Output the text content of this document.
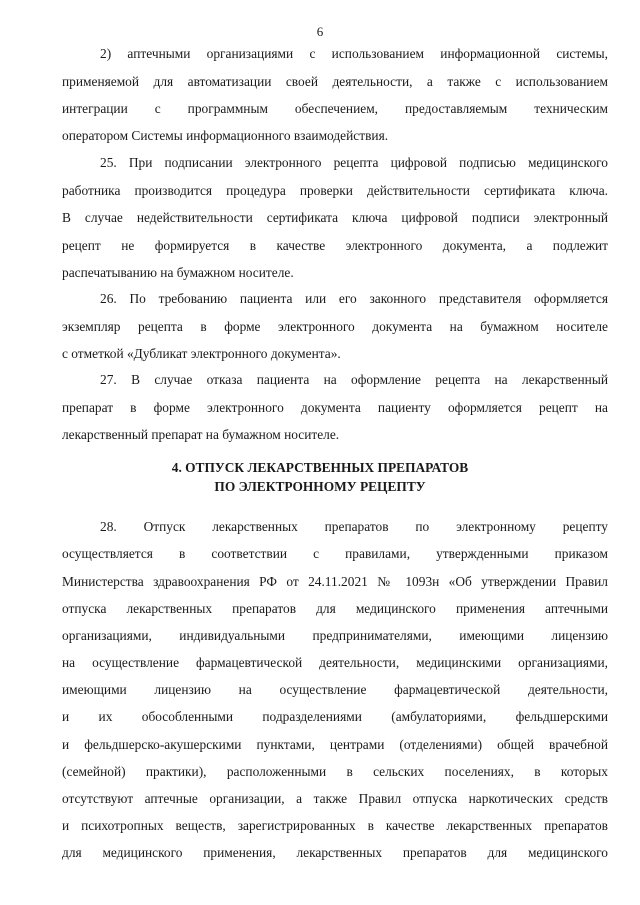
6
2) аптечными организациями с использованием информационной системы,
применяемой для автоматизации своей деятельности, а также с использованием
интеграции с программным обеспечением, предоставляемым техническим
оператором Системы информационного взаимодействия.
25. При подписании электронного рецепта цифровой подписью медицинского
работника производится процедура проверки действительности сертификата ключа.
В случае недействительности сертификата ключа цифровой подписи электронный
рецепт не формируется в качестве электронного документа, а подлежит
распечатыванию на бумажном носителе.
26. По требованию пациента или его законного представителя оформляется
экземпляр рецепта в форме электронного документа на бумажном носителе
с отметкой «Дубликат электронного документа».
27. В случае отказа пациента на оформление рецепта на лекарственный
препарат в форме электронного документа пациенту оформляется рецепт на
лекарственный препарат на бумажном носителе.
4. ОТПУСК ЛЕКАРСТВЕННЫХ ПРЕПАРАТОВ
ПО ЭЛЕКТРОННОМУ РЕЦЕПТУ
28. Отпуск лекарственных препаратов по электронному рецепту
осуществляется в соответствии с правилами, утвержденными приказом
Министерства здравоохранения РФ от 24.11.2021 № 1093н «Об утверждении Правил
отпуска лекарственных препаратов для медицинского применения аптечными
организациями, индивидуальными предпринимателями, имеющими лицензию
на осуществление фармацевтической деятельности, медицинскими организациями,
имеющими лицензию на осуществление фармацевтической деятельности,
и их обособленными подразделениями (амбулаториями, фельдшерскими
и фельдшерско-акушерскими пунктами, центрами (отделениями) общей врачебной
(семейной) практики), расположенными в сельских поселениях, в которых
отсутствуют аптечные организации, а также Правил отпуска наркотических средств
и психотропных веществ, зарегистрированных в качестве лекарственных препаратов
для медицинского применения, лекарственных препаратов для медицинского
